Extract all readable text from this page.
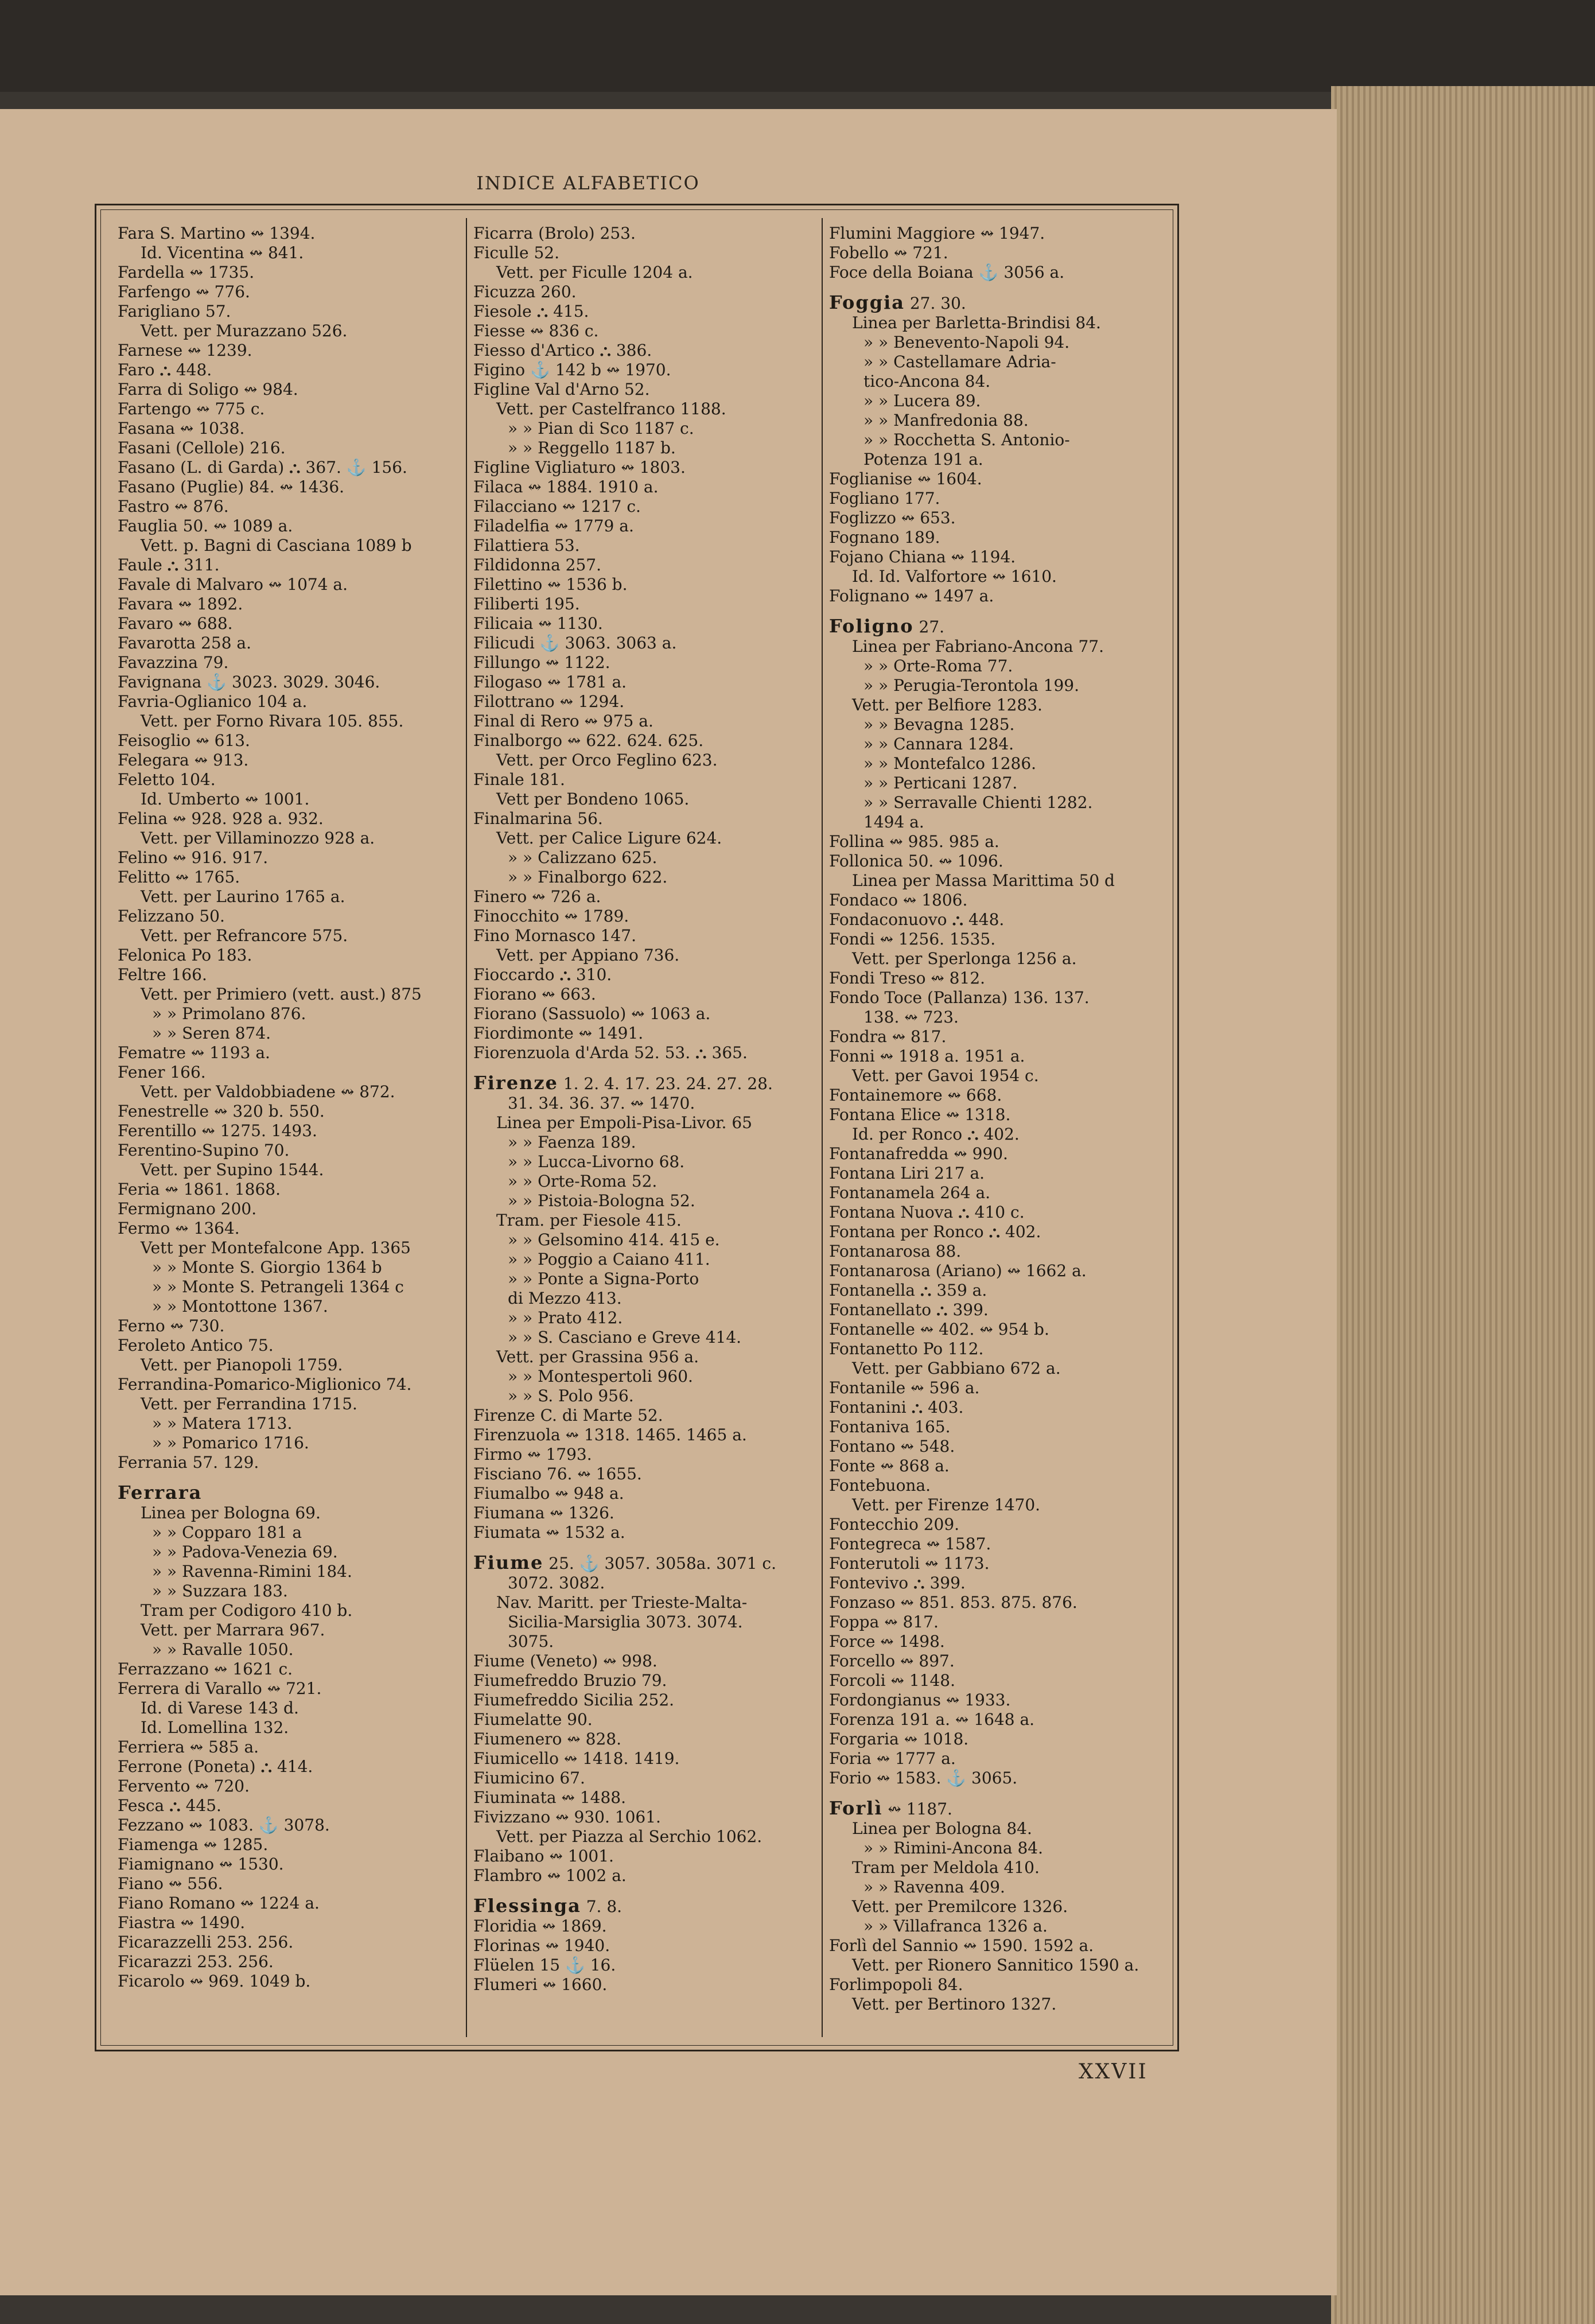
INDICE ALFABETICO
Fara S. Martino ↭ 1394.
Id. Vicentina ↭ 841.
Fardella ↭ 1735.
Farfengo ↭ 776.
Farigliano 57.
Vett. per Murazzano 526.
Farnese ↭ 1239.
Faro ⛬ 448.
Farra di Soligo ↭ 984.
Fartengo ↭ 775 c.
Fasana ↭ 1038.
Fasani (Cellole) 216.
Fasano (L. di Garda) ⛬ 367. ⚓ 156.
Fasano (Puglie) 84. ↭ 1436.
Fastro ↭ 876.
Fauglia 50. ↭ 1089 a.
Vett. p. Bagni di Casciana 1089 b
Faule ⛬ 311.
Favale di Malvaro ↭ 1074 a.
Favara ↭ 1892.
Favaro ↭ 688.
Favarotta 258 a.
Favazzina 79.
Favignana ⚓ 3023. 3029. 3046.
Favria-Oglianico 104 a.
Vett. per Forno Rivara 105. 855.
Feisoglio ↭ 613.
Felegara ↭ 913.
Feletto 104.
Id. Umberto ↭ 1001.
Felina ↭ 928. 928 a. 932.
Vett. per Villaminozzo 928 a.
Felino ↭ 916. 917.
Felitto ↭ 1765.
Vett. per Laurino 1765 a.
Felizzano 50.
Vett. per Refrancore 575.
Felonica Po 183.
Feltre 166.
Vett. per Primiero (vett. aust.) 875
» » Primolano 876.
» » Seren 874.
Fematre ↭ 1193 a.
Fener 166.
Vett. per Valdobbiadene ↭ 872.
Fenestrelle ↭ 320 b. 550.
Ferentillo ↭ 1275. 1493.
Ferentino-Supino 70.
Vett. per Supino 1544.
Feria ↭ 1861. 1868.
Fermignano 200.
Fermo ↭ 1364.
Vett per Montefalcone App. 1365
» » Monte S. Giorgio 1364 b
» » Monte S. Petrangeli 1364 c
» » Montottone 1367.
Ferno ↭ 730.
Feroleto Antico 75.
Vett. per Pianopoli 1759.
Ferrandina-Pomarico-Miglionico 74.
Vett. per Ferrandina 1715.
» » Matera 1713.
» » Pomarico 1716.
Ferrania 57. 129.
Ferrara
Linea per Bologna 69.
» » Copparo 181 a
» » Padova-Venezia 69.
» » Ravenna-Rimini 184.
» » Suzzara 183.
Tram per Codigoro 410 b.
Vett. per Marrara 967.
» » Ravalle 1050.
Ferrazzano ↭ 1621 c.
Ferrera di Varallo ↭ 721.
Id. di Varese 143 d.
Id. Lomellina 132.
Ferriera ↭ 585 a.
Ferrone (Poneta) ⛬ 414.
Fervento ↭ 720.
Fesca ⛬ 445.
Fezzano ↭ 1083. ⚓ 3078.
Fiamenga ↭ 1285.
Fiamignano ↭ 1530.
Fiano ↭ 556.
Fiano Romano ↭ 1224 a.
Fiastra ↭ 1490.
Ficarazzelli 253. 256.
Ficarazzi 253. 256.
Ficarolo ↭ 969. 1049 b.
Ficarra (Brolo) 253.
Ficulle 52.
Vett. per Ficulle 1204 a.
Ficuzza 260.
Fiesole ⛬ 415.
Fiesse ↭ 836 c.
Fiesso d'Artico ⛬ 386.
Figino ⚓ 142 b ↭ 1970.
Figline Val d'Arno 52.
Vett. per Castelfranco 1188.
» » Pian di Sco 1187 c.
» » Reggello 1187 b.
Figline Vigliaturo ↭ 1803.
Filaca ↭ 1884. 1910 a.
Filacciano ↭ 1217 c.
Filadelfia ↭ 1779 a.
Filattiera 53.
Fildidonna 257.
Filettino ↭ 1536 b.
Filiberti 195.
Filicaia ↭ 1130.
Filicudi ⚓ 3063. 3063 a.
Fillungo ↭ 1122.
Filogaso ↭ 1781 a.
Filottrano ↭ 1294.
Final di Rero ↭ 975 a.
Finalborgo ↭ 622. 624. 625.
Vett. per Orco Feglino 623.
Finale 181.
Vett per Bondeno 1065.
Finalmarina 56.
Vett. per Calice Ligure 624.
» » Calizzano 625.
» » Finalborgo 622.
Finero ↭ 726 a.
Finocchito ↭ 1789.
Fino Mornasco 147.
Vett. per Appiano 736.
Fioccardo ⛬ 310.
Fiorano ↭ 663.
Fiorano (Sassuolo) ↭ 1063 a.
Fiordimonte ↭ 1491.
Fiorenzuola d'Arda 52. 53. ⛬ 365.
Firenze 1. 2. 4. 17. 23. 24. 27. 28.
31. 34. 36. 37. ↭ 1470.
Linea per Empoli-Pisa-Livor. 65
» » Faenza 189.
» » Lucca-Livorno 68.
» » Orte-Roma 52.
» » Pistoia-Bologna 52.
Tram. per Fiesole 415.
» » Gelsomino 414. 415 e.
» » Poggio a Caiano 411.
» » Ponte a Signa-Porto
di Mezzo 413.
» » Prato 412.
» » S. Casciano e Greve 414.
Vett. per Grassina 956 a.
» » Montespertoli 960.
» » S. Polo 956.
Firenze C. di Marte 52.
Firenzuola ↭ 1318. 1465. 1465 a.
Firmo ↭ 1793.
Fisciano 76. ↭ 1655.
Fiumalbo ↭ 948 a.
Fiumana ↭ 1326.
Fiumata ↭ 1532 a.
Fiume 25. ⚓ 3057. 3058a. 3071 c.
3072. 3082.
Nav. Maritt. per Trieste-Malta-
Sicilia-Marsiglia 3073. 3074.
3075.
Fiume (Veneto) ↭ 998.
Fiumefreddo Bruzio 79.
Fiumefreddo Sicilia 252.
Fiumelatte 90.
Fiumenero ↭ 828.
Fiumicello ↭ 1418. 1419.
Fiumicino 67.
Fiuminata ↭ 1488.
Fivizzano ↭ 930. 1061.
Vett. per Piazza al Serchio 1062.
Flaibano ↭ 1001.
Flambro ↭ 1002 a.
Flessinga 7. 8.
Floridia ↭ 1869.
Florinas ↭ 1940.
Flüelen 15 ⚓ 16.
Flumeri ↭ 1660.
Flumini Maggiore ↭ 1947.
Fobello ↭ 721.
Foce della Boiana ⚓ 3056 a.
Foggia 27. 30.
Linea per Barletta-Brindisi 84.
» » Benevento-Napoli 94.
» » Castellamare Adria-
tico-Ancona 84.
» » Lucera 89.
» » Manfredonia 88.
» » Rocchetta S. Antonio-
Potenza 191 a.
Foglianise ↭ 1604.
Fogliano 177.
Foglizzo ↭ 653.
Fognano 189.
Fojano Chiana ↭ 1194.
Id. Id. Valfortore ↭ 1610.
Folignano ↭ 1497 a.
Foligno 27.
Linea per Fabriano-Ancona 77.
» » Orte-Roma 77.
» » Perugia-Terontola 199.
Vett. per Belfiore 1283.
» » Bevagna 1285.
» » Cannara 1284.
» » Montefalco 1286.
» » Perticani 1287.
» » Serravalle Chienti 1282.
1494 a.
Follina ↭ 985. 985 a.
Follonica 50. ↭ 1096.
Linea per Massa Marittima 50 d
Fondaco ↭ 1806.
Fondaconuovo ⛬ 448.
Fondi ↭ 1256. 1535.
Vett. per Sperlonga 1256 a.
Fondi Treso ↭ 812.
Fondo Toce (Pallanza) 136. 137.
138. ↭ 723.
Fondra ↭ 817.
Fonni ↭ 1918 a. 1951 a.
Vett. per Gavoi 1954 c.
Fontainemore ↭ 668.
Fontana Elice ↭ 1318.
Id. per Ronco ⛬ 402.
Fontanafredda ↭ 990.
Fontana Liri 217 a.
Fontanamela 264 a.
Fontana Nuova ⛬ 410 c.
Fontana per Ronco ⛬ 402.
Fontanarosa 88.
Fontanarosa (Ariano) ↭ 1662 a.
Fontanella ⛬ 359 a.
Fontanellato ⛬ 399.
Fontanelle ↭ 402. ↭ 954 b.
Fontanetto Po 112.
Vett. per Gabbiano 672 a.
Fontanile ↭ 596 a.
Fontanini ⛬ 403.
Fontaniva 165.
Fontano ↭ 548.
Fonte ↭ 868 a.
Fontebuona.
Vett. per Firenze 1470.
Fontecchio 209.
Fontegreca ↭ 1587.
Fonterutoli ↭ 1173.
Fontevivo ⛬ 399.
Fonzaso ↭ 851. 853. 875. 876.
Foppa ↭ 817.
Force ↭ 1498.
Forcello ↭ 897.
Forcoli ↭ 1148.
Fordongianus ↭ 1933.
Forenza 191 a. ↭ 1648 a.
Forgaria ↭ 1018.
Foria ↭ 1777 a.
Forio ↭ 1583. ⚓ 3065.
Forlì ↭ 1187.
Linea per Bologna 84.
» » Rimini-Ancona 84.
Tram per Meldola 410.
» » Ravenna 409.
Vett. per Premilcore 1326.
» » Villafranca 1326 a.
Forlì del Sannio ↭ 1590. 1592 a.
Vett. per Rionero Sannitico 1590 a.
Forlimpopoli 84.
Vett. per Bertinoro 1327.
XXVII
